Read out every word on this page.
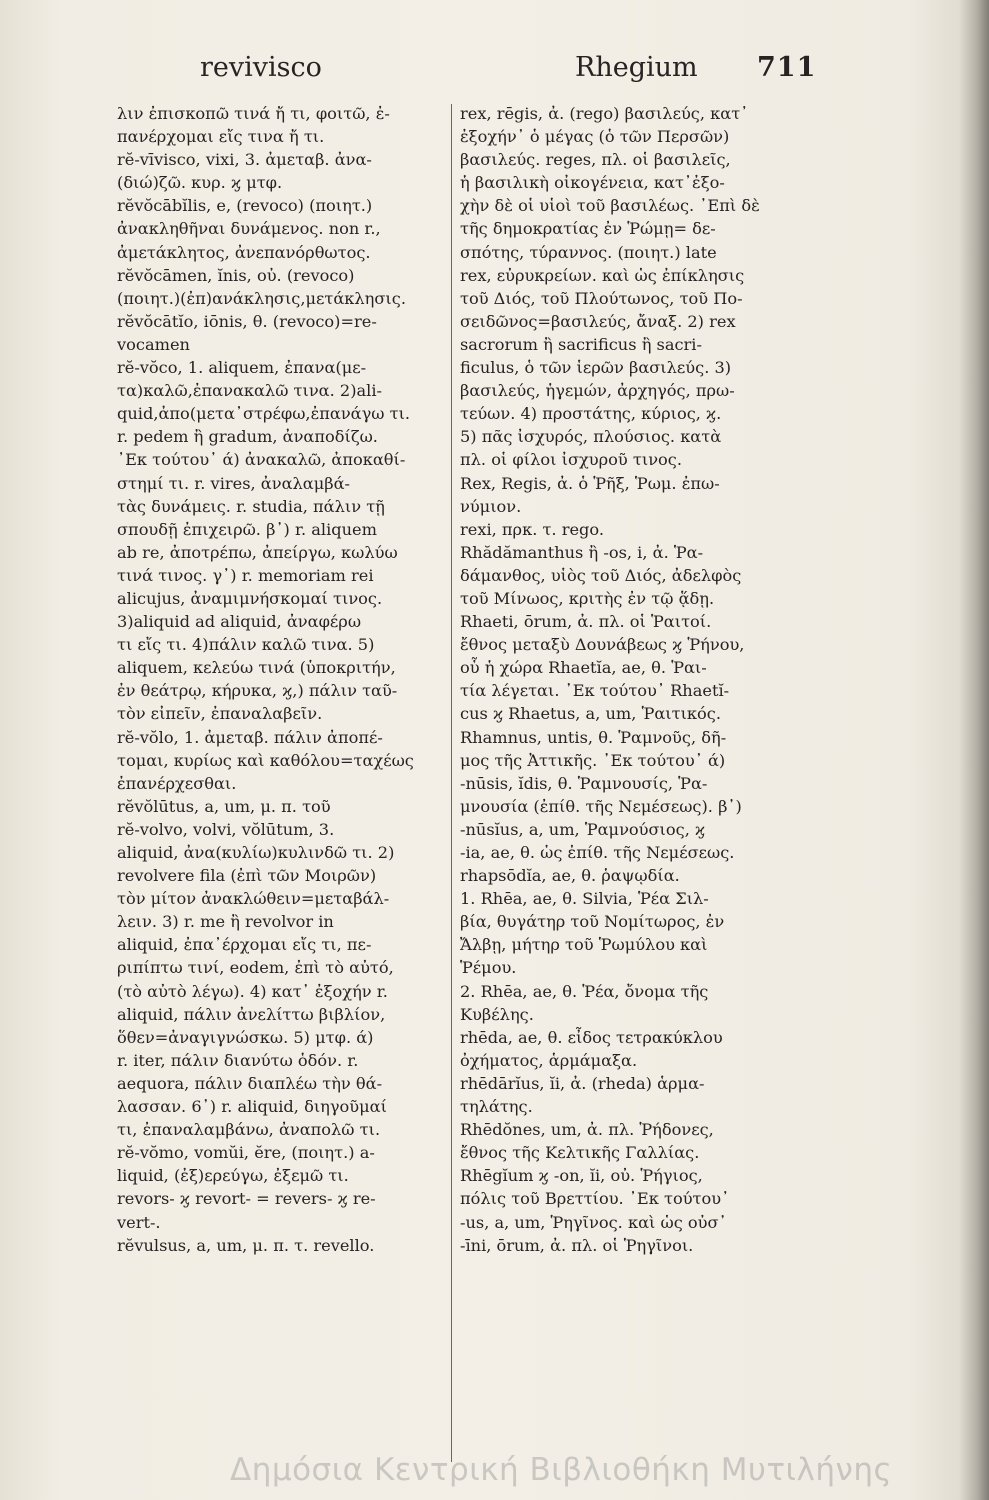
revivisco	Rhegium 711
λιν ἐπισκοπῶ τινά ἤ τι, φοιτῶ, ἐ-
πανέρχομαι εἴς τινα ἤ τι.
rĕ-vīvisco, vixi, 3. ἀμεταβ. ἀνα-
(διώ)ζῶ. κυρ. ϗ μτφ.
rĕvŏcābĭlis, e, (revoco) (ποιητ.)
ἀνακληθῆναι δυνάμενος. non r.,
ἀμετάκλητος, ἀνεπανόρθωτος.
rĕvŏcāmen, ĭnis, οὐ. (revoco)
(ποιητ.)(ἐπ)ανάκλησις,μετάκλησις.
rĕvŏcātĭo, iōnis, θ. (revoco)=re-
vocamen
rĕ-vŏco, 1. aliquem, ἐπανα(με-
τα)καλῶ,ἐπανακαλῶ τινα. 2)ali-
quid,ἀπο(μετα᾿στρέφω,ἐπανάγω τι.
r. pedem ἢ gradum, ἀναποδίζω.
᾿Εκ τούτου᾿ ά) ἀνακαλῶ, ἀποκαθί-
στημί τι. r. vires, ἀναλαμβά-
τὰς δυνάμεις. r. studia, πάλιν τῇ
σπουδῇ ἐπιχειρῶ. β᾿) r. aliquem
ab re, ἀποτρέπω, ἀπείργω, κωλύω
τινά τινος. γ᾿) r. memoriam rei
alicujus, ἀναμιμνήσκομαί τινος.
3)aliquid ad aliquid, ἀναφέρω
τι εἴς τι. 4)πάλιν καλῶ τινα. 5)
aliquem, κελεύω τινά (ὑποκριτήν,
ἐν θεάτρῳ, κήρυκα, ϗ,) πάλιν ταῦ-
τὸν εἰπεῖν, ἐπαναλαβεῖν.
rĕ-vŏlo, 1. ἀμεταβ. πάλιν ἀποπέ-
τομαι, κυρίως καὶ καθόλου=ταχέως
ἐπανέρχεσθαι.
rĕvŏlūtus, a, um, μ. π. τοῦ
rĕ-volvo, volvi, vŏlūtum, 3.
aliquid, ἀνα(κυλίω)κυλινδῶ τι. 2)
revolvere fila (ἐπὶ τῶν Μοιρῶν)
τὸν μίτον ἀνακλώθειν=μεταβάλ-
λειν. 3) r. me ἢ revolvor in
aliquid, ἐπα᾿έρχομαι εἴς τι, πε-
ριπίπτω τινί, eodem, ἐπὶ τὸ αὐτό,
(τὸ αὐτὸ λέγω). 4) κατ᾿ ἐξοχήν r.
aliquid, πάλιν ἀνελίττω βιβλίον,
ὅθεν=ἀναγιγνώσκω. 5) μτφ. ά)
r. iter, πάλιν διανύτω ὁδόν. r.
aequora, πάλιν διαπλέω τὴν θά-
λασσαν. 6᾿) r. aliquid, διηγοῦμαί
τι, ἐπαναλαμβάνω, ἀναπολῶ τι.
rĕ-vŏmo, vomŭi, ĕre, (ποιητ.) a-
liquid, (ἐξ)ερεύγω, ἐξεμῶ τι.
revors- ϗ revort- = revers- ϗ re-
vert-.
rĕvulsus, a, um, μ. π. τ. revello.
rex, rēgis, ἀ. (rego) βασιλεύς, κατ᾿
ἐξοχήν᾿ ὁ μέγας (ὁ τῶν Περσῶν)
βασιλεύς. reges, πλ. οἱ βασιλεῖς,
ἡ βασιλικὴ οἰκογένεια, κατ᾿ἐξο-
χὴν δὲ οἱ υἱοὶ τοῦ βασιλέως. ᾿Επὶ δὲ
τῆς δημοκρατίας ἐν Ῥώμῃ= δε-
σπότης, τύραννος. (ποιητ.) late
rex, εὐρυκρείων. καὶ ὡς ἐπίκλησις
τοῦ Διός, τοῦ Πλούτωνος, τοῦ Πο-
σειδῶνος=βασιλεύς, ἄναξ. 2) rex
sacrorum ἢ sacrificus ἢ sacri-
ficulus, ὁ τῶν ἱερῶν βασιλεύς. 3)
βασιλεύς, ἡγεμών, ἀρχηγός, πρω-
τεύων. 4) προστάτης, κύριος, ϗ.
5) πᾶς ἰσχυρός, πλούσιος. κατὰ
πλ. οἱ φίλοι ἰσχυροῦ τινος.
Rex, Regis, ἀ. ὁ Ῥῆξ, Ῥωμ. ἐπω-
νύμιον.
rexi, πρκ. τ. rego.
Rhădămanthus ἢ -os, i, ἀ. Ῥα-
δάμανθος, υἱὸς τοῦ Διός, ἀδελφὸς
τοῦ Μίνωος, κριτὴς ἐν τῷ ᾅδῃ.
Rhaeti, ōrum, ἀ. πλ. οἱ Ῥαιτοί.
ἔθνος μεταξὺ Δουνάβεως ϗ Ῥήνου,
οὗ ἡ χώρα Rhaetĭa, ae, θ. Ῥαι-
τία λέγεται. ᾿Εκ τούτου᾿ Rhaetĭ-
cus ϗ Rhaetus, a, um, Ῥαιτικός.
Rhamnus, untis, θ. Ῥαμνοῦς, δῆ-
μος τῆς Ἀττικῆς. ᾿Εκ τούτου᾿ ά)
-nūsis, ĭdis, θ. Ῥαμνουσίς, Ῥα-
μνουσία (ἐπίθ. τῆς Νεμέσεως). β᾿)
-nūsĭus, a, um, Ῥαμνούσιος, ϗ
-ia, ae, θ. ὡς ἐπίθ. τῆς Νεμέσεως.
rhapsōdĭa, ae, θ. ῥαψῳδία.
1. Rhēa, ae, θ. Silvia, Ῥέα Σιλ-
βία, θυγάτηρ τοῦ Νομίτωρος, ἐν
Ἄλβῃ, μήτηρ τοῦ Ῥωμύλου καὶ
Ῥέμου.
2. Rhēa, ae, θ. Ῥέα, ὄνομα τῆς
Κυβέλης.
rhēda, ae, θ. εἶδος τετρακύκλου
ὀχήματος, ἁρμάμαξα.
rhēdārĭus, ĭi, ἀ. (rheda) ἁρμα-
τηλάτης.
Rhēdŏnes, um, ἀ. πλ. Ῥήδονες,
ἔθνος τῆς Κελτικῆς Γαλλίας.
Rhēgĭum ϗ -on, ĭi, οὐ. Ῥήγιος,
πόλις τοῦ Βρεττίου. ᾿Εκ τούτου᾿
-us, a, um, Ῥηγῖνος. καὶ ὡς οὐσ᾿
-īni, ōrum, ἀ. πλ. οἱ Ῥηγῖνοι.
Δημόσια Κεντρική Βιβλιοθήκη Μυτιλήνης
